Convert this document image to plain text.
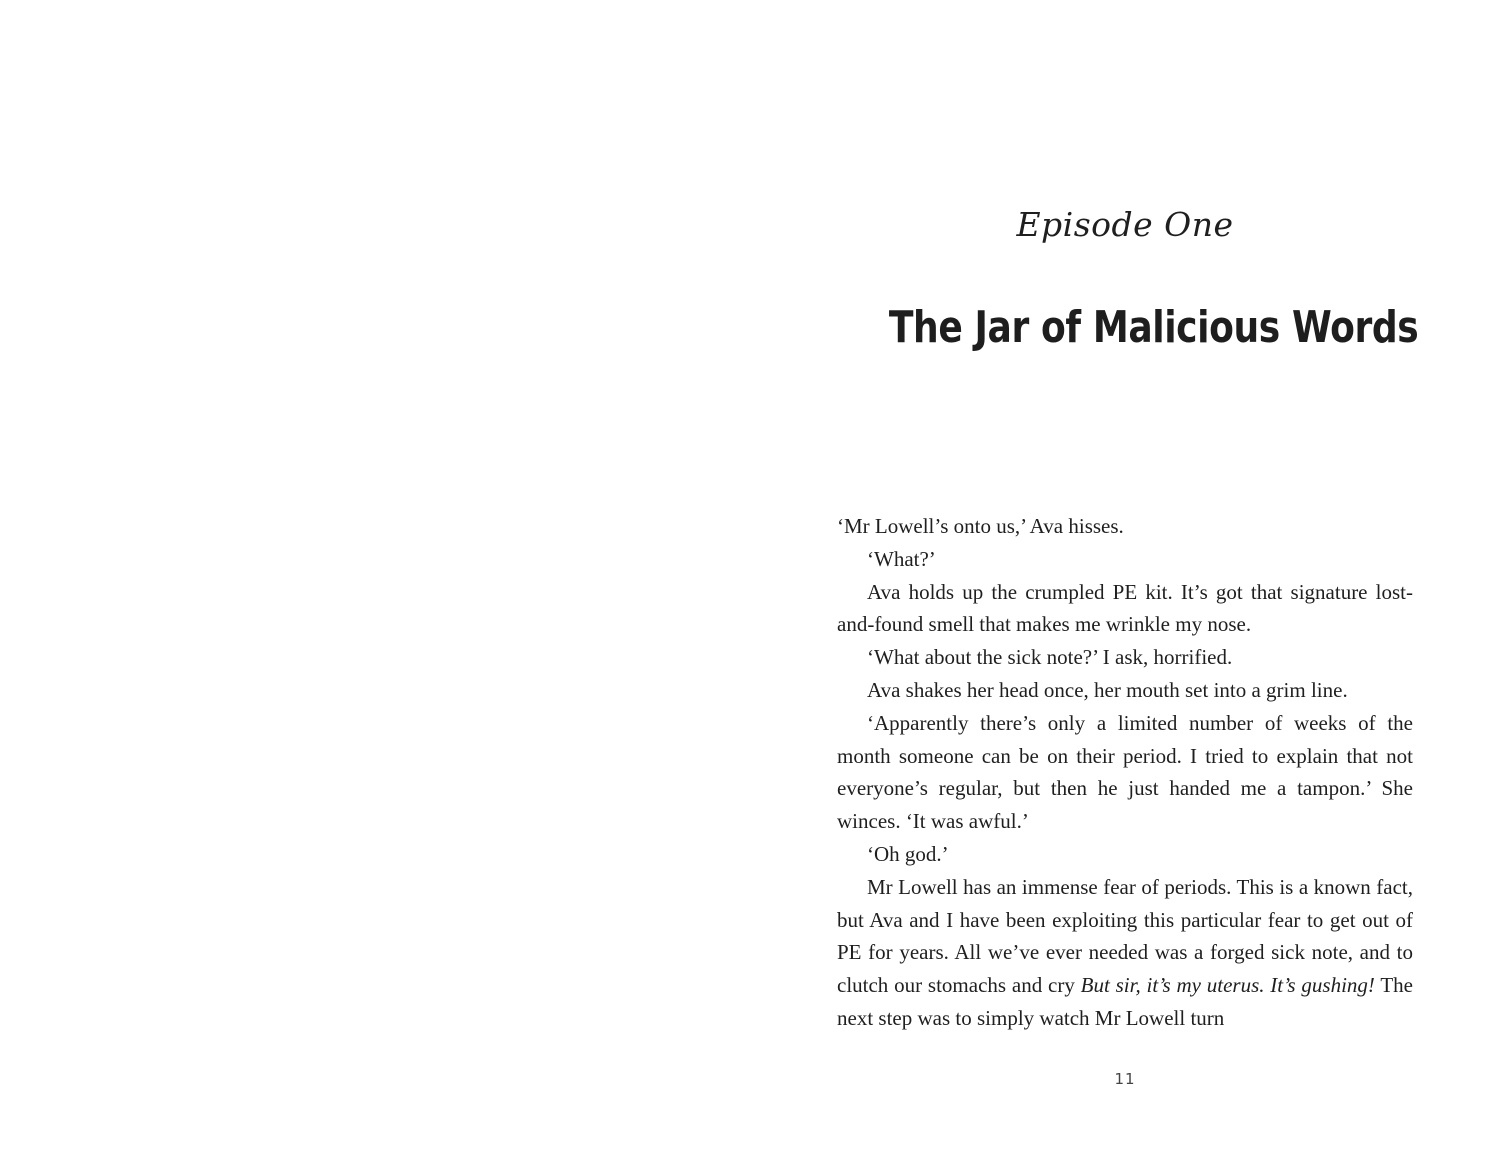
Episode One
The Jar of Malicious Words

‘Mr Lowell’s onto us,’ Ava hisses.

‘What?’

Ava holds up the crumpled PE kit. It’s got that signature lost-and-found smell that makes me wrinkle my nose.

‘What about the sick note?’ I ask, horrified.

Ava shakes her head once, her mouth set into a grim line.

‘Apparently there’s only a limited number of weeks of the month someone can be on their period. I tried to explain that not everyone’s regular, but then he just handed me a tampon.’ She winces. ‘It was awful.’

‘Oh god.’

Mr Lowell has an immense fear of periods. This is a known fact, but Ava and I have been exploiting this particular fear to get out of PE for years. All we’ve ever needed was a forged sick note, and to clutch our stomachs and cry But sir, it’s my uterus. It’s gushing! The next step was to simply watch Mr Lowell turn

11
